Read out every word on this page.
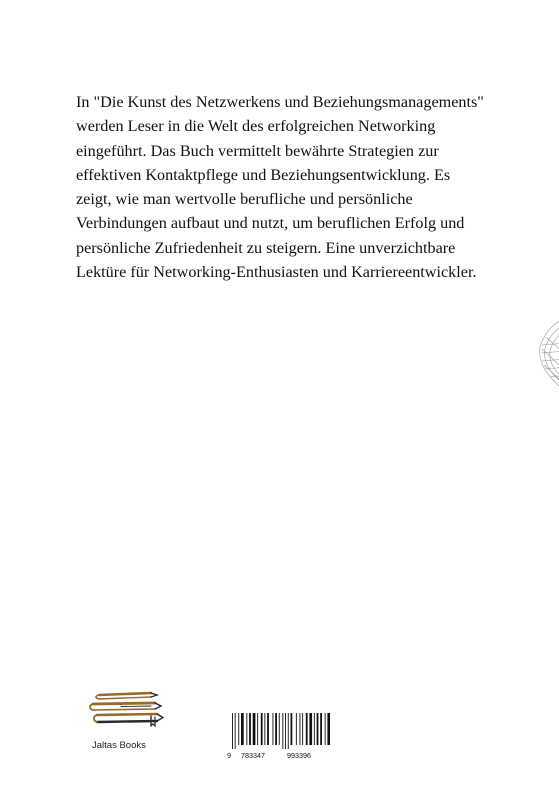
In "Die Kunst des Netzwerkens und Beziehungsmanagements" werden Leser in die Welt des erfolgreichen Networking eingeführt. Das Buch vermittelt bewährte Strategien zur effektiven Kontaktpflege und Beziehungsentwicklung. Es zeigt, wie man wertvolle berufliche und persönliche Verbindungen aufbaut und nutzt, um beruflichen Erfolg und persönliche Zufriedenheit zu steigern. Eine unverzichtbare Lektüre für Networking-Enthusiasten und Karriereentwickler.

Jaltas Books
9 783347	993396
